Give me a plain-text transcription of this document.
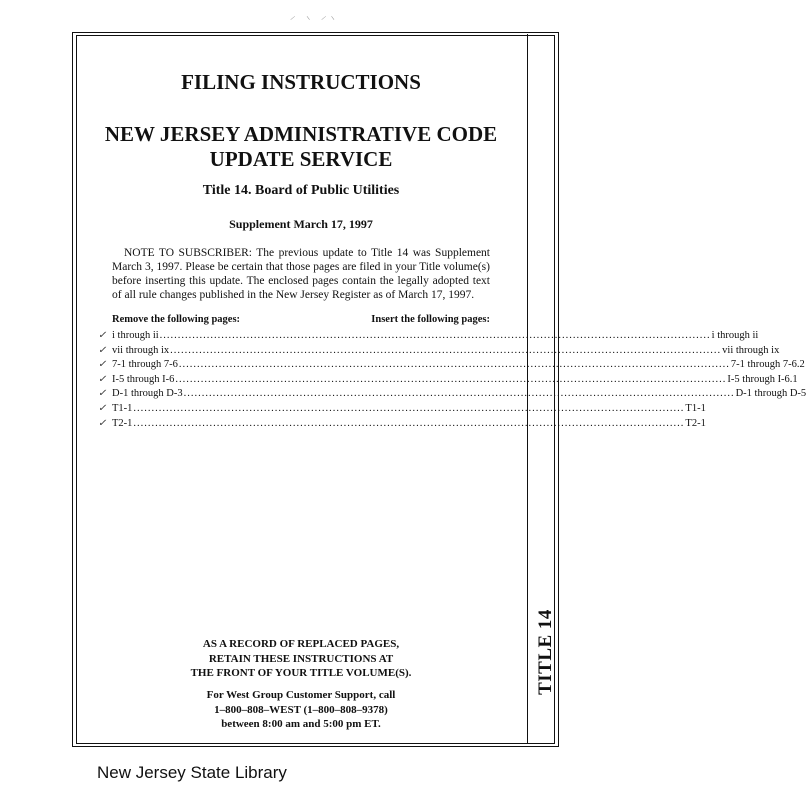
⸝ ⸜ ⸝⸜
TITLE 14
FILING INSTRUCTIONS
NEW JERSEY ADMINISTRATIVE CODE
UPDATE SERVICE
Title 14. Board of Public Utilities
Supplement March 17, 1997
NOTE TO SUBSCRIBER: The previous update to Title 14 was Supplement March 3, 1997. Please be certain that those pages are filed in your Title volume(s) before inserting this update. The enclosed pages contain the legally adopted text of all rule changes published in the New Jersey Register as of March 17, 1997.
Remove the following pages:	Insert the following pages:
✓
✓
✓
✓
✓
✓
✓
i through ii ........................................................................................................................................................ i through ii
vii through ix ........................................................................................................................................................ vii through ix
7-1 through 7-6 ........................................................................................................................................................ 7-1 through 7-6.2
I-5 through I-6 ........................................................................................................................................................ I-5 through I-6.1
D-1 through D-3 ........................................................................................................................................................ D-1 through D-5
T1-1 ........................................................................................................................................................ T1-1
T2-1 ........................................................................................................................................................ T2-1
AS A RECORD OF REPLACED PAGES,
RETAIN THESE INSTRUCTIONS AT
THE FRONT OF YOUR TITLE VOLUME(S).
For West Group Customer Support, call
1–800–808–WEST (1–800–808–9378)
between 8:00 am and 5:00 pm ET.
New Jersey State Library
